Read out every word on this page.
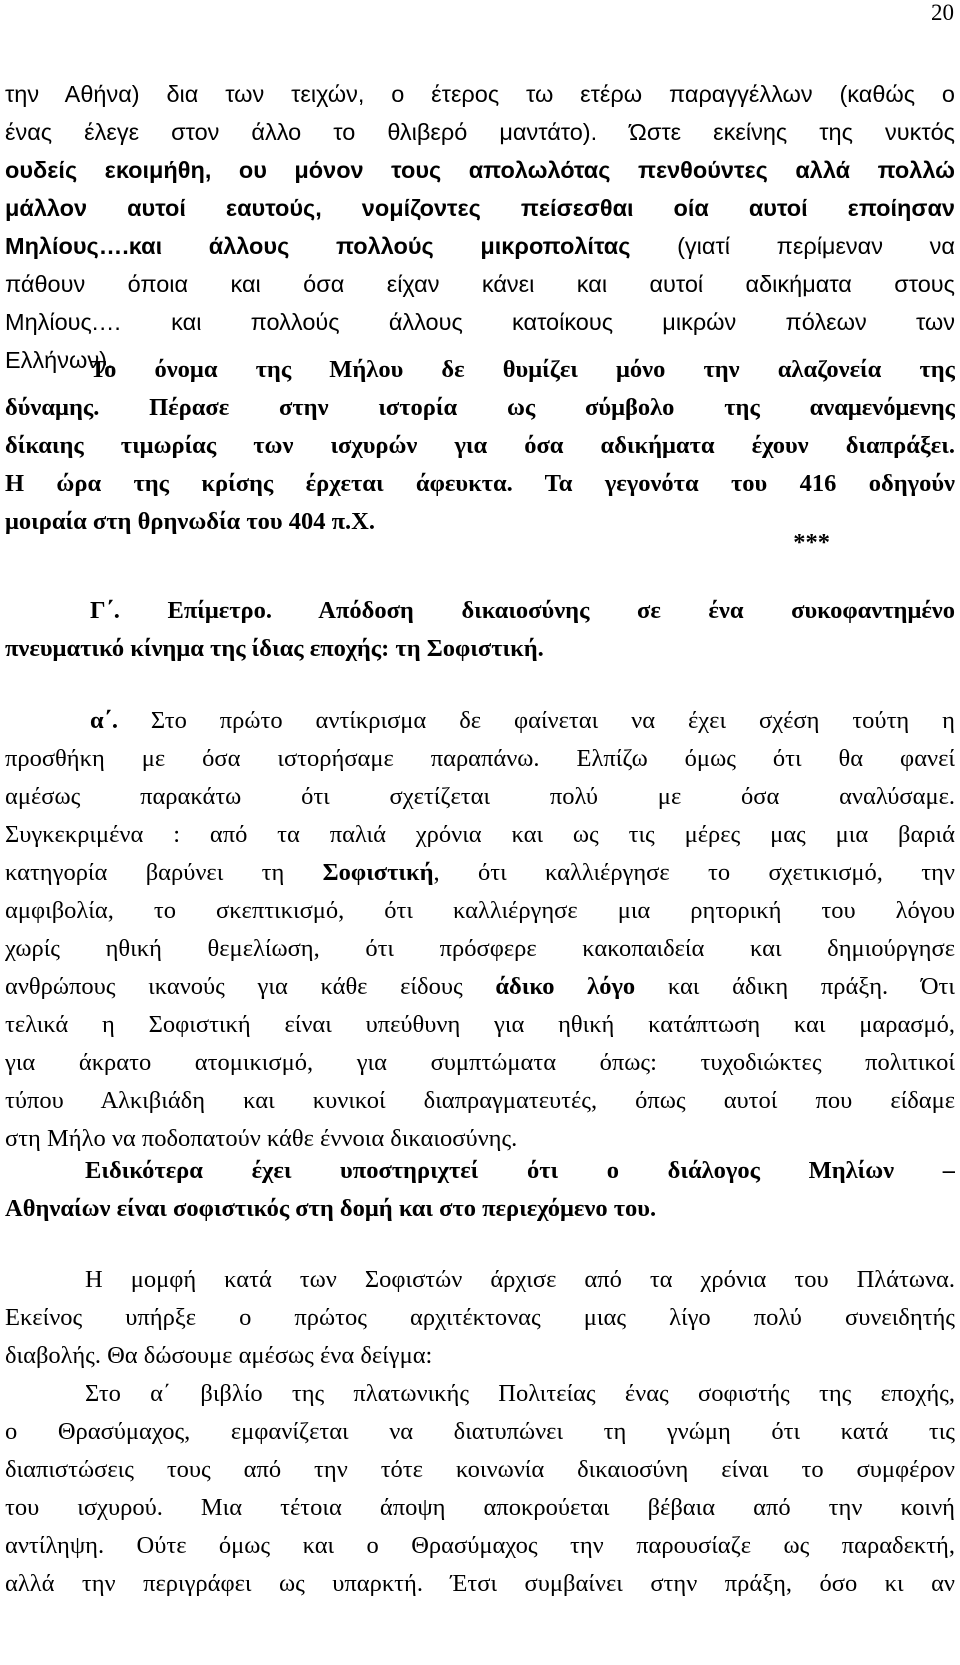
20
την Αθήνα) δια των τειχών, ο έτερος τω ετέρω παραγγέλλων (καθώς ο
ένας έλεγε στον άλλο το θλιβερό μαντάτο). Ώστε εκείνης της νυκτός
ουδείς εκοιμήθη, ου μόνον τους απολωλότας πενθούντες αλλά πολλώ
μάλλον αυτοί εαυτούς, νομίζοντες πείσεσθαι οία αυτοί εποίησαν
Μηλίους….και άλλους πολλούς μικροπολίτας (γιατί περίμεναν να
πάθουν όποια και όσα είχαν κάνει και αυτοί αδικήματα στους
Μηλίους.… και πολλούς άλλους κατοίκους μικρών πόλεων των
Ελλήνων).
Το όνομα της Μήλου δε θυμίζει μόνο την αλαζονεία της
δύναμης. Πέρασε στην ιστορία ως σύμβολο της αναμενόμενης
δίκαιης τιμωρίας των ισχυρών για όσα αδικήματα έχουν διαπράξει.
Η ώρα της κρίσης έρχεται άφευκτα. Τα γεγονότα του 416 οδηγούν
μοιραία στη θρηνωδία του 404 π.Χ.
***
Γ΄. Επίμετρο. Απόδοση δικαιοσύνης σε ένα συκοφαντημένο
πνευματικό κίνημα της ίδιας εποχής: τη Σοφιστική.
α΄. Στο πρώτο αντίκρισμα δε φαίνεται να έχει σχέση τούτη η
προσθήκη με όσα ιστορήσαμε παραπάνω. Ελπίζω όμως ότι θα φανεί
αμέσως παρακάτω ότι σχετίζεται πολύ με όσα αναλύσαμε.
Συγκεκριμένα : από τα παλιά χρόνια και ως τις μέρες μας μια βαριά
κατηγορία βαρύνει τη Σοφιστική, ότι καλλιέργησε το σχετικισμό, την
αμφιβολία, το σκεπτικισμό, ότι καλλιέργησε μια ρητορική του λόγου
χωρίς ηθική θεμελίωση, ότι πρόσφερε κακοπαιδεία και δημιούργησε
ανθρώπους ικανούς για κάθε είδους άδικο λόγο και άδικη πράξη. Ότι
τελικά η Σοφιστική είναι υπεύθυνη για ηθική κατάπτωση και μαρασμό,
για άκρατο ατομικισμό, για συμπτώματα όπως: τυχοδιώκτες πολιτικοί
τύπου Αλκιβιάδη και κυνικοί διαπραγματευτές, όπως αυτοί που είδαμε
στη Μήλο να ποδοπατούν κάθε έννοια δικαιοσύνης.
Ειδικότερα έχει υποστηριχτεί ότι ο διάλογος Μηλίων –
Αθηναίων είναι σοφιστικός στη δομή και στο περιεχόμενο του.
Η μομφή κατά των Σοφιστών άρχισε από τα χρόνια του Πλάτωνα.
Εκείνος υπήρξε ο πρώτος αρχιτέκτονας μιας λίγο πολύ συνειδητής
διαβολής. Θα δώσουμε αμέσως ένα δείγμα:
Στο α΄ βιβλίο της πλατωνικής Πολιτείας ένας σοφιστής της εποχής,
ο Θρασύμαχος, εμφανίζεται να διατυπώνει τη γνώμη ότι κατά τις
διαπιστώσεις τους από την τότε κοινωνία δικαιοσύνη είναι το συμφέρον
του ισχυρού. Μια τέτοια άποψη αποκρούεται βέβαια από την κοινή
αντίληψη. Ούτε όμως και ο Θρασύμαχος την παρουσίαζε ως παραδεκτή,
αλλά την περιγράφει ως υπαρκτή. Έτσι συμβαίνει στην πράξη, όσο κι αν
